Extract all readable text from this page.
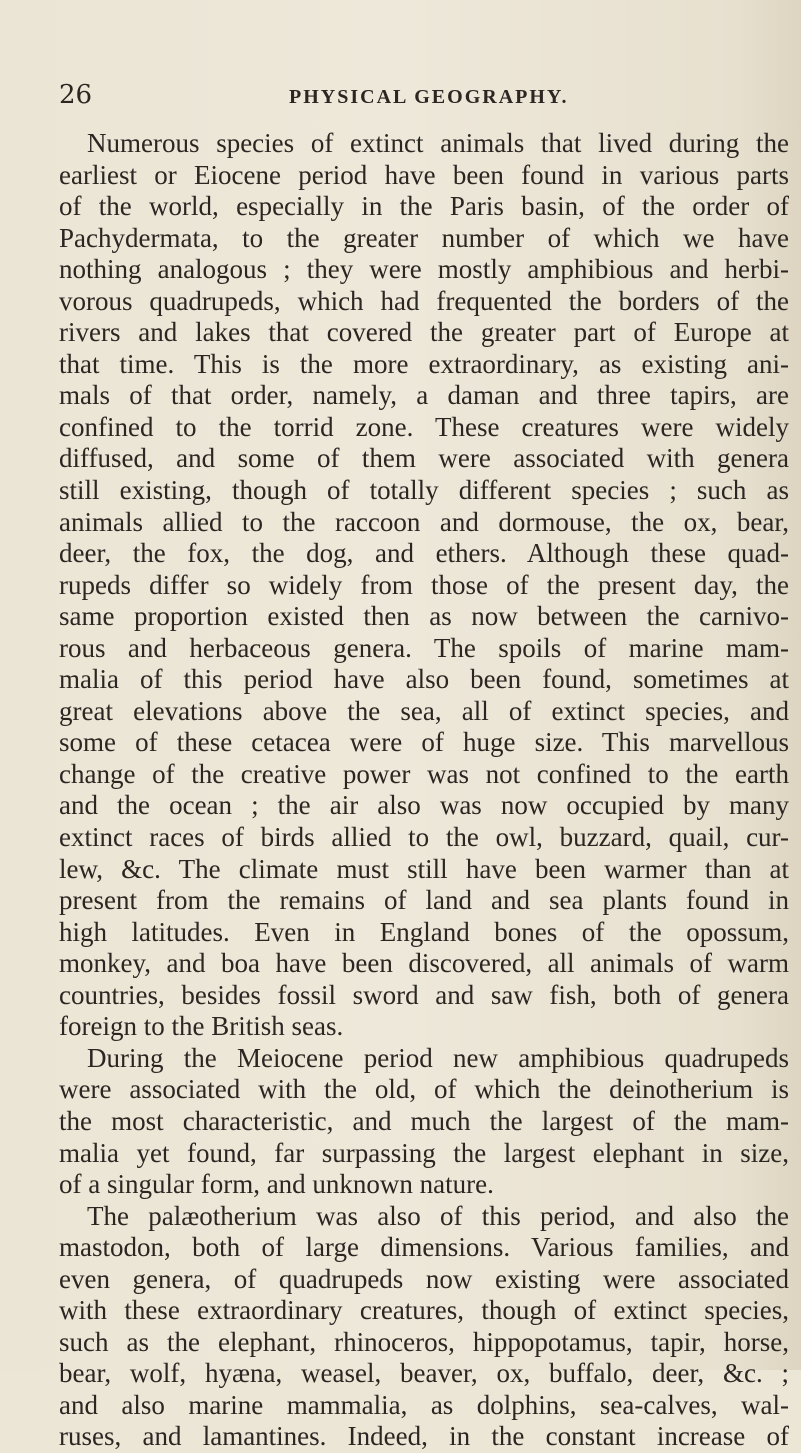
26	PHYSICAL GEOGRAPHY.
Numerous species of extinct animals that lived during the
earliest or Eiocene period have been found in various parts
of the world, especially in the Paris basin, of the order of
Pachydermata, to the greater number of which we have
nothing analogous ; they were mostly amphibious and herbi-
vorous quadrupeds, which had frequented the borders of the
rivers and lakes that covered the greater part of Europe at
that time. This is the more extraordinary, as existing ani-
mals of that order, namely, a daman and three tapirs, are
confined to the torrid zone. These creatures were widely
diffused, and some of them were associated with genera
still existing, though of totally different species ; such as
animals allied to the raccoon and dormouse, the ox, bear,
deer, the fox, the dog, and ethers. Although these quad-
rupeds differ so widely from those of the present day, the
same proportion existed then as now between the carnivo-
rous and herbaceous genera. The spoils of marine mam-
malia of this period have also been found, sometimes at
great elevations above the sea, all of extinct species, and
some of these cetacea were of huge size. This marvellous
change of the creative power was not confined to the earth
and the ocean ; the air also was now occupied by many
extinct races of birds allied to the owl, buzzard, quail, cur-
lew, &c. The climate must still have been warmer than at
present from the remains of land and sea plants found in
high latitudes. Even in England bones of the opossum,
monkey, and boa have been discovered, all animals of warm
countries, besides fossil sword and saw fish, both of genera
foreign to the British seas.
During the Meiocene period new amphibious quadrupeds
were associated with the old, of which the deinotherium is
the most characteristic, and much the largest of the mam-
malia yet found, far surpassing the largest elephant in size,
of a singular form, and unknown nature.
The palæotherium was also of this period, and also the
mastodon, both of large dimensions. Various families, and
even genera, of quadrupeds now existing were associated
with these extraordinary creatures, though of extinct species,
such as the elephant, rhinoceros, hippopotamus, tapir, horse,
bear, wolf, hyæna, weasel, beaver, ox, buffalo, deer, &c. ;
and also marine mammalia, as dolphins, sea-calves, wal-
ruses, and lamantines. Indeed, in the constant increase of
